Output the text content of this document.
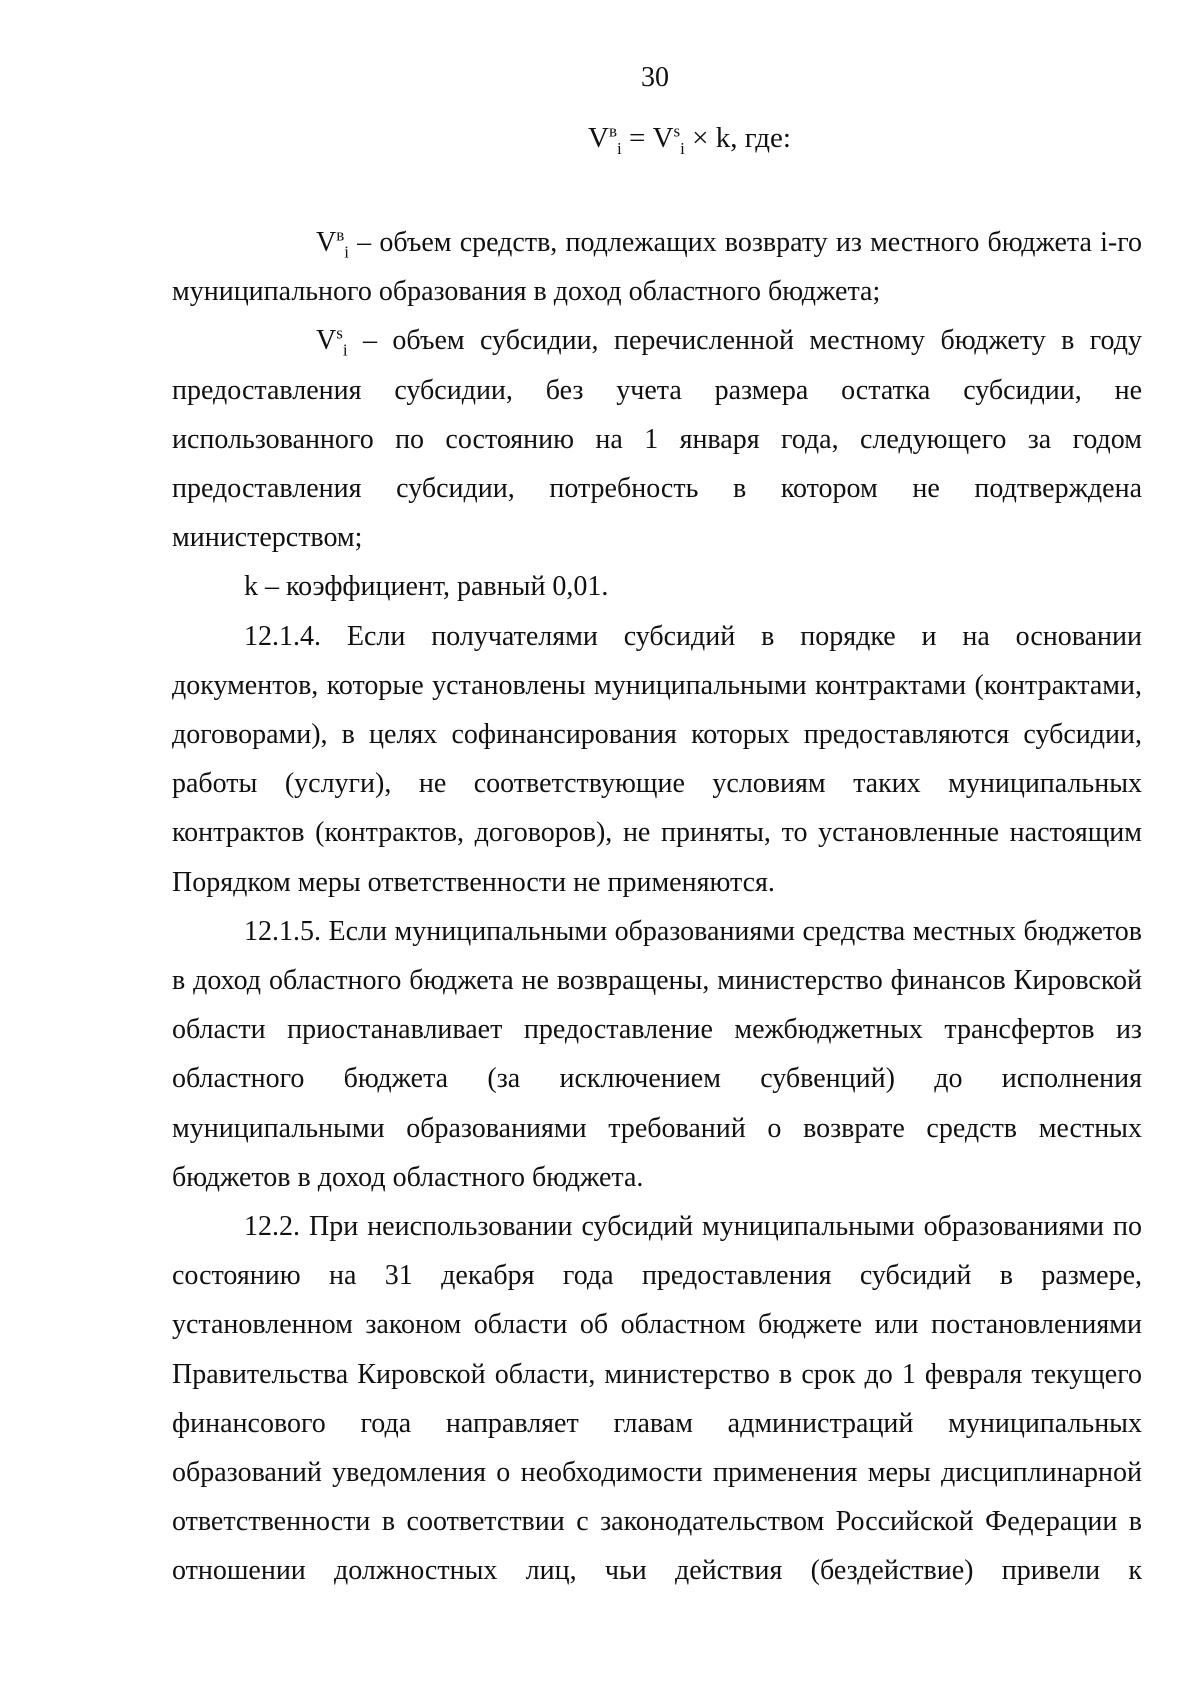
30
$V^в_i = V^s_i \times k$, где:

$V^в_i$ – объем средств, подлежащих возврату из местного бюджета i-го муниципального образования в доход областного бюджета;

$V^s_i$ – объем субсидии, перечисленной местному бюджету в году предоставления субсидии, без учета размера остатка субсидии, не использованного по состоянию на 1 января года, следующего за годом предоставления субсидии, потребность в котором не подтверждена министерством;

k – коэффициент, равный 0,01.

12.1.4. Если получателями субсидий в порядке и на основании документов, которые установлены муниципальными контрактами (контрактами, договорами), в целях софинансирования которых предоставляются субсидии, работы (услуги), не соответствующие условиям таких муниципальных контрактов (контрактов, договоров), не приняты, то установленные настоящим Порядком меры ответственности не применяются.

12.1.5. Если муниципальными образованиями средства местных бюджетов в доход областного бюджета не возвращены, министерство финансов Кировской области приостанавливает предоставление межбюджетных трансфертов из областного бюджета (за исключением субвенций) до исполнения муниципальными образованиями требований о возврате средств местных бюджетов в доход областного бюджета.

12.2. При неиспользовании субсидий муниципальными образованиями по состоянию на 31 декабря года предоставления субсидий в размере, установленном законом области об областном бюджете или постановлениями Правительства Кировской области, министерство в срок до 1 февраля текущего финансового года направляет главам администраций муниципальных образований уведомления о необходимости применения меры дисциплинарной ответственности в соответствии с законодательством Российской Федерации в отношении должностных лиц, чьи действия (бездействие) привели к
